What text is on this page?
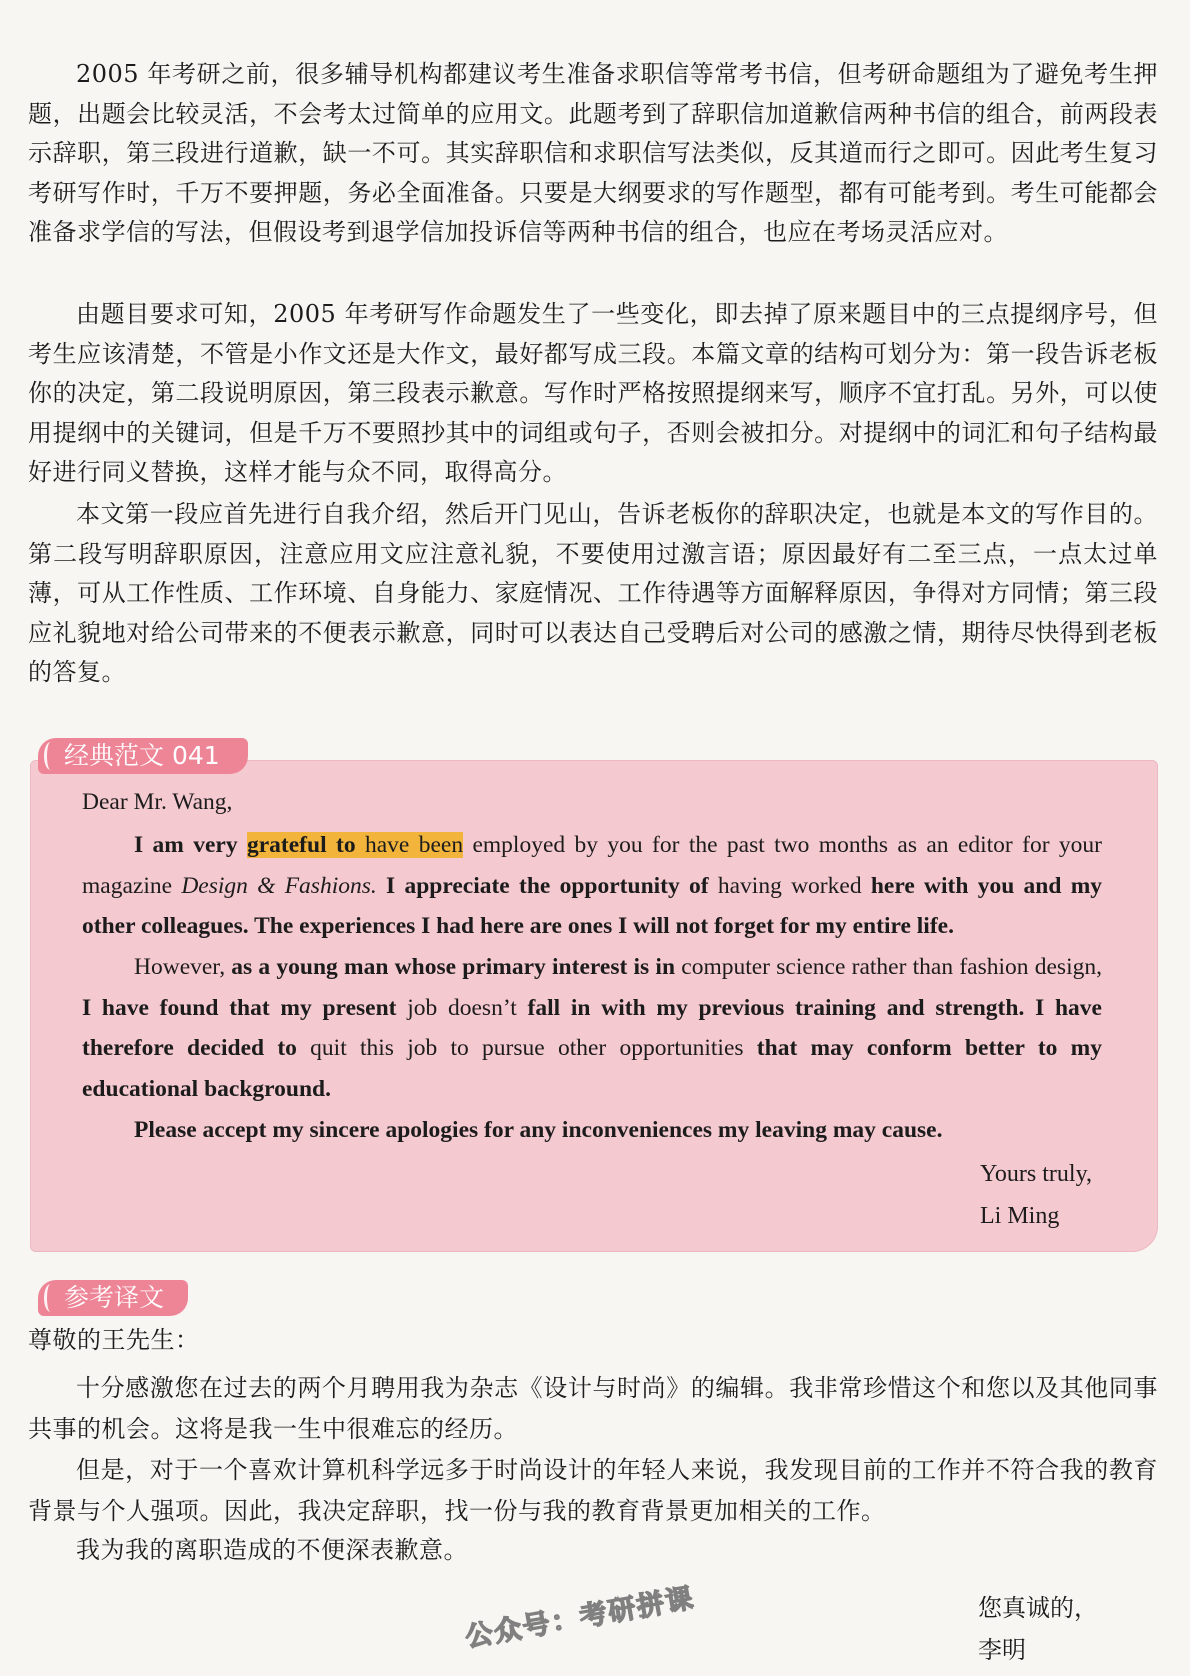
2005 年考研之前，很多辅导机构都建议考生准备求职信等常考书信，但考研命题组为了避免考生押题，出题会比较灵活，不会考太过简单的应用文。此题考到了辞职信加道歉信两种书信的组合，前两段表示辞职，第三段进行道歉，缺一不可。其实辞职信和求职信写法类似，反其道而行之即可。因此考生复习考研写作时，千万不要押题，务必全面准备。只要是大纲要求的写作题型，都有可能考到。考生可能都会准备求学信的写法，但假设考到退学信加投诉信等两种书信的组合，也应在考场灵活应对。

由题目要求可知，2005 年考研写作命题发生了一些变化，即去掉了原来题目中的三点提纲序号，但考生应该清楚，不管是小作文还是大作文，最好都写成三段。本篇文章的结构可划分为：第一段告诉老板你的决定，第二段说明原因，第三段表示歉意。写作时严格按照提纲来写，顺序不宜打乱。另外，可以使用提纲中的关键词，但是千万不要照抄其中的词组或句子，否则会被扣分。对提纲中的词汇和句子结构最好进行同义替换，这样才能与众不同，取得高分。

本文第一段应首先进行自我介绍，然后开门见山，告诉老板你的辞职决定，也就是本文的写作目的。第二段写明辞职原因，注意应用文应注意礼貌，不要使用过激言语；原因最好有二至三点，一点太过单薄，可从工作性质、工作环境、自身能力、家庭情况、工作待遇等方面解释原因，争得对方同情；第三段应礼貌地对给公司带来的不便表示歉意，同时可以表达自己受聘后对公司的感激之情，期待尽快得到老板的答复。

经典范文 041

Dear Mr. Wang,

I am very grateful to have been employed by you for the past two months as an editor for your magazine Design & Fashions. I appreciate the opportunity of having worked here with you and my other colleagues. The experiences I had here are ones I will not forget for my entire life.

However, as a young man whose primary interest is in computer science rather than fashion design, I have found that my present job doesn’t fall in with my previous training and strength. I have therefore decided to quit this job to pursue other opportunities that may conform better to my educational background.

Please accept my sincere apologies for any inconveniences my leaving may cause.

Yours truly,
Li Ming
参考译文

尊敬的王先生：

十分感激您在过去的两个月聘用我为杂志《设计与时尚》的编辑。我非常珍惜这个和您以及其他同事共事的机会。这将是我一生中很难忘的经历。

但是，对于一个喜欢计算机科学远多于时尚设计的年轻人来说，我发现目前的工作并不符合我的教育背景与个人强项。因此，我决定辞职，找一份与我的教育背景更加相关的工作。

我为我的离职造成的不便深表歉意。

您真诚的，
李明
公众号：考研拼课
